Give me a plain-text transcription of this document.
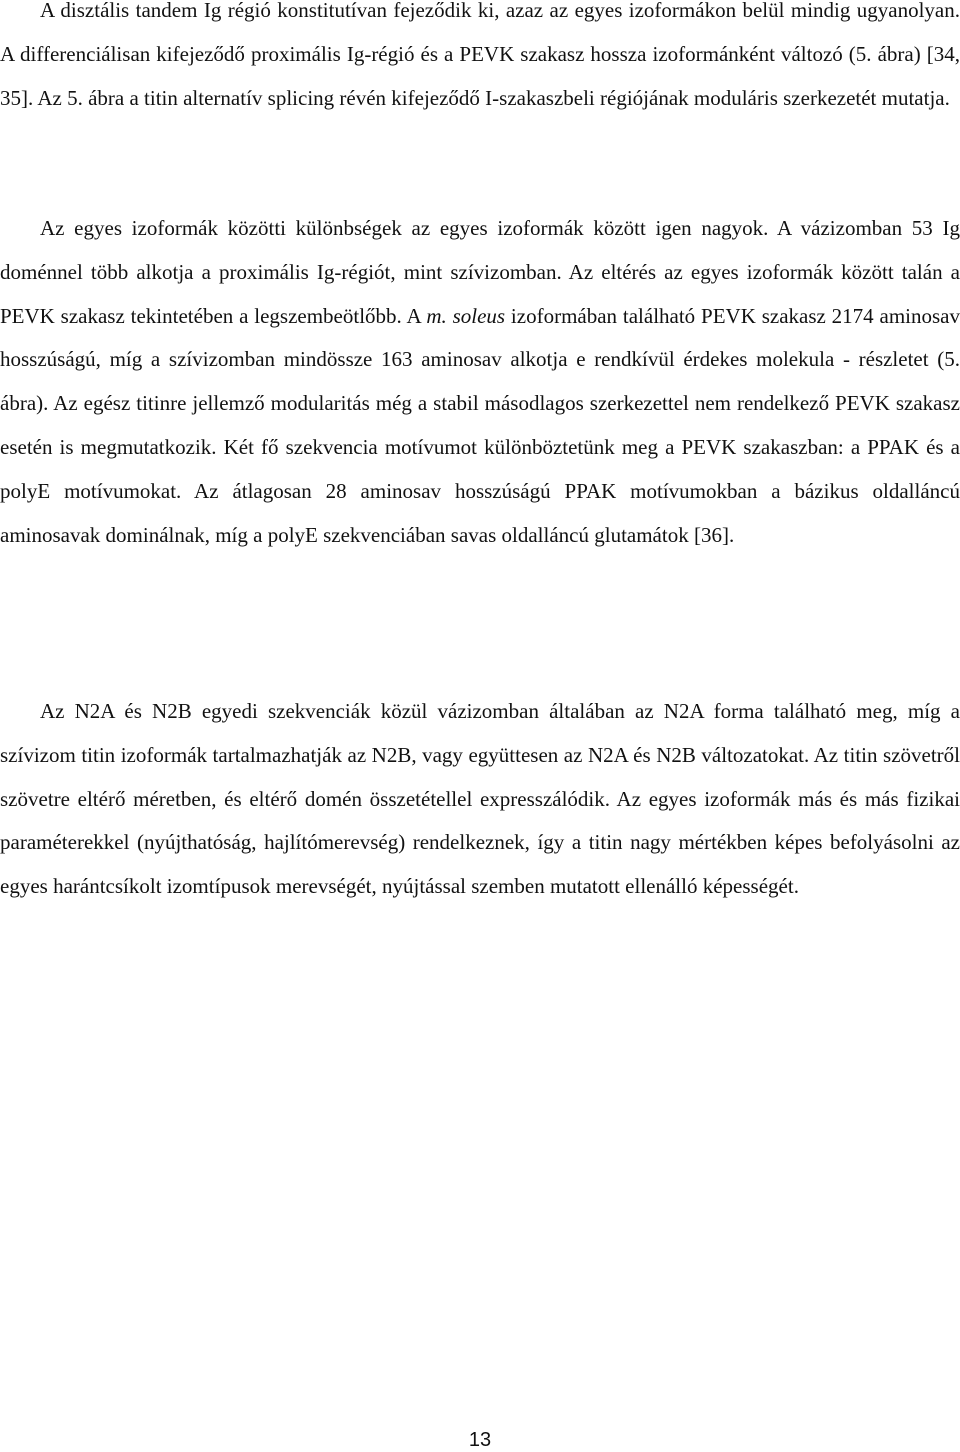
A disztális tandem Ig régió konstitutívan fejeződik ki, azaz az egyes izoformákon belül mindig ugyanolyan. A differenciálisan kifejeződő proximális Ig-régió és a PEVK szakasz hossza izoformánként változó (5. ábra) [34, 35]. Az 5. ábra a titin alternatív splicing révén kifejeződő I-szakaszbeli régiójának moduláris szerkezetét mutatja.

Az egyes izoformák közötti különbségek az egyes izoformák között igen nagyok. A vázizomban 53 Ig doménnel több alkotja a proximális Ig-régiót, mint szívizomban. Az eltérés az egyes izoformák között talán a PEVK szakasz tekintetében a legszembeötlőbb. A m. soleus izoformában található PEVK szakasz 2174 aminosav hosszúságú, míg a szívizomban mindössze 163 aminosav alkotja e rendkívül érdekes molekula - részletet (5. ábra). Az egész titinre jellemző modularitás még a stabil másodlagos szerkezettel nem rendelkező PEVK szakasz esetén is megmutatkozik. Két fő szekvencia motívumot különböztetünk meg a PEVK szakaszban: a PPAK és a polyE motívumokat. Az átlagosan 28 aminosav hosszúságú PPAK motívumokban a bázikus oldalláncú aminosavak dominálnak, míg a polyE szekvenciában savas oldalláncú glutamátok [36].

Az N2A és N2B egyedi szekvenciák közül vázizomban általában az N2A forma található meg, míg a szívizom titin izoformák tartalmazhatják az N2B, vagy együttesen az N2A és N2B változatokat. Az titin szövetről szövetre eltérő méretben, és eltérő domén összetétellel expresszálódik. Az egyes izoformák más és más fizikai paraméterekkel (nyújthatóság, hajlítómerevség) rendelkeznek, így a titin nagy mértékben képes befolyásolni az egyes harántcsíkolt izomtípusok merevségét, nyújtással szemben mutatott ellenálló képességét.

13
